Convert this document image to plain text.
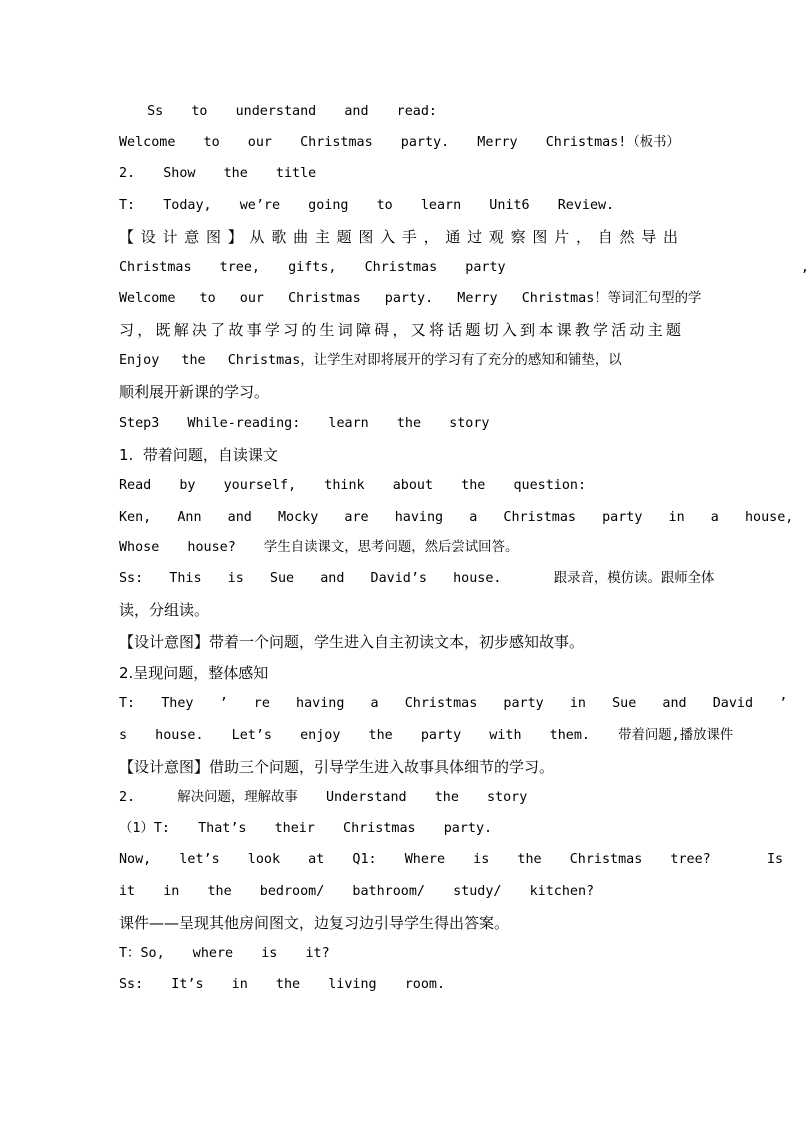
Ss  to  understand  and  read:
Welcome  to  our  Christmas  party.  Merry  Christmas!（板书）
2.  Show  the  title
T:  Today,  we’re  going  to  learn  Unit6  Review.
【设计意图】从歌曲主题图入手，通过观察图片，自然导出
Christmas  tree,  gifts,  Christmas  party                     ,
Welcome  to  our  Christmas  party.  Merry  Christmas！等词汇句型的学
习，既解决了故事学习的生词障碍，又将话题切入到本课教学活动主题
Enjoy  the  Christmas，让学生对即将展开的学习有了充分的感知和铺垫，以
顺利展开新课的学习。
Step3  While-reading:  learn  the  story
1.  带着问题，自读课文
Read  by  yourself,  think  about  the  question:
Ken,  Ann  and  Mocky  are  having  a  Christmas  party  in  a  house,
Whose  house?  学生自读课文，思考问题，然后尝试回答。
Ss:  This  is  Sue  and  David’s  house.    跟录音，模仿读。跟师全体
读，分组读。
【设计意图】带着一个问题，学生进入自主初读文本，初步感知故事。
2.呈现问题，整体感知
T:  They  ’  re  having  a  Christmas  party  in  Sue  and  David  ’
s  house.  Let’s  enjoy  the  party  with  them.  带着问题,播放课件
【设计意图】借助三个问题，引导学生进入故事具体细节的学习。
2.   解决问题，理解故事  Understand  the  story
（1）T:  That’s  their  Christmas  party.
Now,  let’s  look  at  Q1:  Where  is  the  Christmas  tree?    Is
it  in  the  bedroom/  bathroom/  study/  kitchen?
课件——呈现其他房间图文，边复习边引导学生得出答案。
T：So,  where  is  it?
Ss:  It’s  in  the  living  room.
